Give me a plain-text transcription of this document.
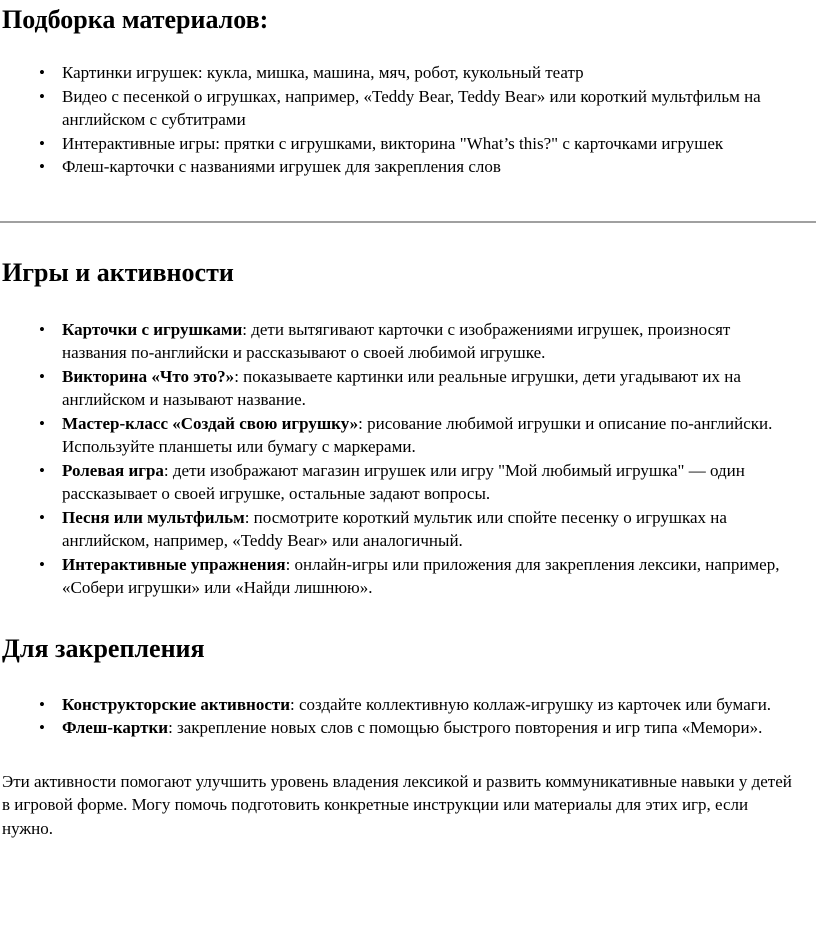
Подборка материалов:
• Картинки игрушек: кукла, мишка, машина, мяч, робот, кукольный театр
• Видео с песенкой о игрушках, например, «Teddy Bear, Teddy Bear» или короткий мультфильм на английском с субтитрами
• Интерактивные игры: прятки с игрушками, викторина "What’s this?" с карточками игрушек
• Флеш-карточки с названиями игрушек для закрепления слов
Игры и активности
• Карточки с игрушками: дети вытягивают карточки с изображениями игрушек, произносят названия по-английски и рассказывают о своей любимой игрушке.
• Викторина «Что это?»: показываете картинки или реальные игрушки, дети угадывают их на английском и называют название.
• Мастер-класс «Создай свою игрушку»: рисование любимой игрушки и описание по-английски. Используйте планшеты или бумагу с маркерами.
• Ролевая игра: дети изображают магазин игрушек или игру "Мой любимый игрушка" — один рассказывает о своей игрушке, остальные задают вопросы.
• Песня или мультфильм: посмотрите короткий мультик или спойте песенку о игрушках на английском, например, «Teddy Bear» или аналогичный.
• Интерактивные упражнения: онлайн-игры или приложения для закрепления лексики, например, «Собери игрушки» или «Найди лишнюю».
Для закрепления
• Конструкторские активности: создайте коллективную коллаж-игрушку из карточек или бумаги.
• Флеш-картки: закрепление новых слов с помощью быстрого повторения и игр типа «Мемори».

Эти активности помогают улучшить уровень владения лексикой и развить коммуникативные навыки у детей в игровой форме. Могу помочь подготовить конкретные инструкции или материалы для этих игр, если нужно.
